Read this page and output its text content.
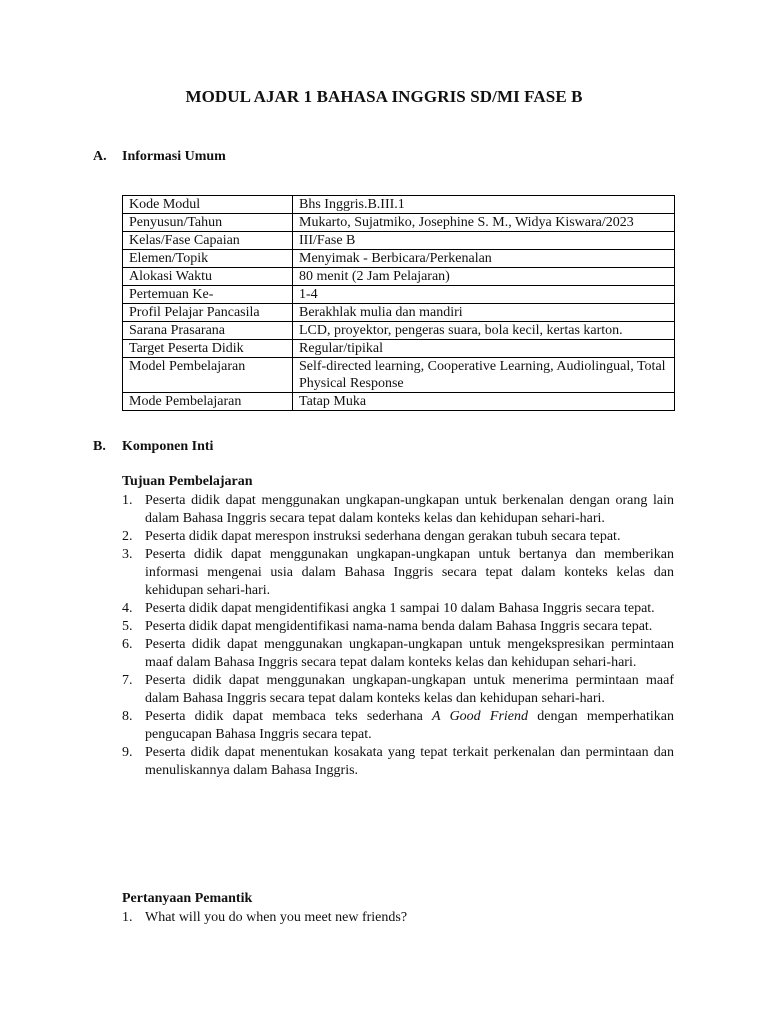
MODUL AJAR 1 BAHASA INGGRIS SD/MI FASE B
A. Informasi Umum
Kode Modul	Bhs Inggris.B.III.1
Penyusun/Tahun	Mukarto, Sujatmiko, Josephine S. M., Widya Kiswara/2023
Kelas/Fase Capaian	III/Fase B
Elemen/Topik	Menyimak - Berbicara/Perkenalan
Alokasi Waktu	80 menit (2 Jam Pelajaran)
Pertemuan Ke-	1-4
Profil Pelajar Pancasila	Berakhlak mulia dan mandiri
Sarana Prasarana	LCD, proyektor, pengeras suara, bola kecil, kertas karton.
Target Peserta Didik	Regular/tipikal
Model Pembelajaran	Self-directed learning, Cooperative Learning, Audiolingual, Total Physical Response
Mode Pembelajaran	Tatap Muka
B. Komponen Inti
Tujuan Pembelajaran
1. Peserta didik dapat menggunakan ungkapan-ungkapan untuk berkenalan dengan orang lain dalam Bahasa Inggris secara tepat dalam konteks kelas dan kehidupan sehari-hari.
2. Peserta didik dapat merespon instruksi sederhana dengan gerakan tubuh secara tepat.
3. Peserta didik dapat menggunakan ungkapan-ungkapan untuk bertanya dan memberikan informasi mengenai usia dalam Bahasa Inggris secara tepat dalam konteks kelas dan kehidupan sehari-hari.
4. Peserta didik dapat mengidentifikasi angka 1 sampai 10 dalam Bahasa Inggris secara tepat.
5. Peserta didik dapat mengidentifikasi nama-nama benda dalam Bahasa Inggris secara tepat.
6. Peserta didik dapat menggunakan ungkapan-ungkapan untuk mengekspresikan permintaan maaf dalam Bahasa Inggris secara tepat dalam konteks kelas dan kehidupan sehari-hari.
7. Peserta didik dapat menggunakan ungkapan-ungkapan untuk menerima permintaan maaf dalam Bahasa Inggris secara tepat dalam konteks kelas dan kehidupan sehari-hari.
8. Peserta didik dapat membaca teks sederhana A Good Friend dengan memperhatikan pengucapan Bahasa Inggris secara tepat.
9. Peserta didik dapat menentukan kosakata yang tepat terkait perkenalan dan permintaan dan menuliskannya dalam Bahasa Inggris.
Pertanyaan Pemantik
1. What will you do when you meet new friends?
